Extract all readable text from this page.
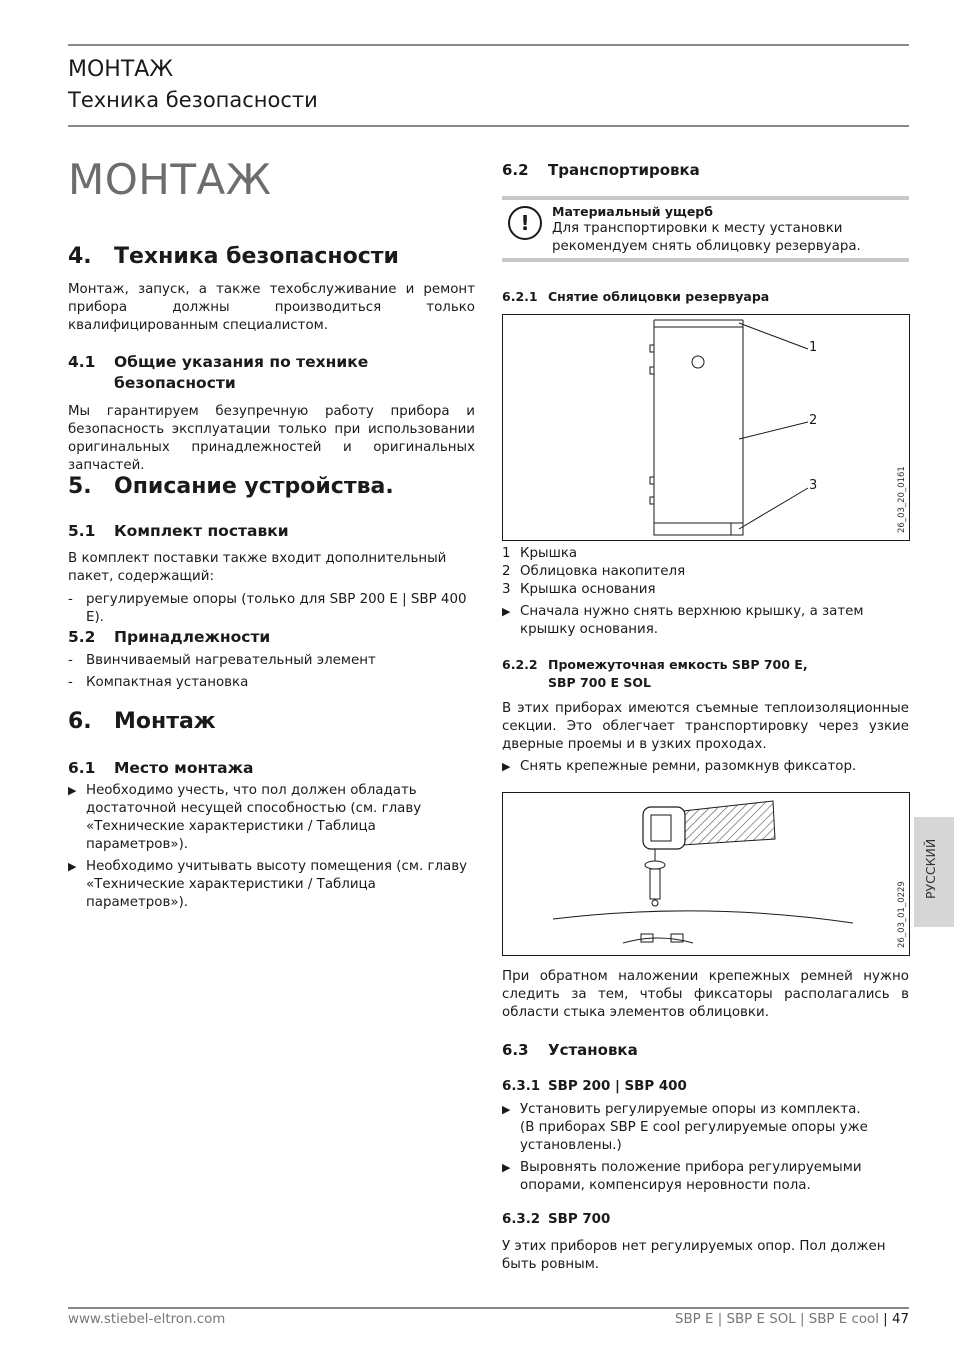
МОНТАЖ
Техника безопасности
МОНТАЖ
4.	Техника безопасности
Монтаж, запуск, а также техобслуживание и ремонт прибора должны производиться только квалифицированным специалистом.
4.1	Общие указания по технике безопасности
Мы гарантируем безупречную работу прибора и безопасность эксплуатации только при использовании оригинальных принадлежностей и оригинальных запчастей.
5.	Описание устройства.
5.1	Комплект поставки
В комплект поставки также входит дополнительный пакет, содержащий:
- регулируемые опоры (только для SBP 200 E | SBP 400 E).
5.2	Принадлежности
- Ввинчиваемый нагревательный элемент
- Компактная установка
6.	Монтаж
6.1	Место монтажа
▶ Необходимо учесть, что пол должен обладать достаточной несущей способностью (см. главу «Технические характеристики / Таблица параметров»).
▶ Необходимо учитывать высоту помещения (см. главу «Технические характеристики / Таблица параметров»).
6.2	Транспортировка
!	Материальный ущерб
Для транспортировки к месту установки рекомендуем снять облицовку резервуара.
6.2.1 Снятие облицовки резервуара
1
2
3	26_03_20_0161
1 Крышка
2 Облицовка накопителя
3 Крышка основания
▶ Сначала нужно снять верхнюю крышку, а затем крышку основания.
6.2.2 Промежуточная емкость SBP 700 E, SBP 700 E SOL
В этих приборах имеются съемные теплоизоляционные секции. Это облегчает транспортировку через узкие дверные проемы и в узких проходах.
▶ Снять крепежные ремни, разомкнув фиксатор.
26_03_01_0229
При обратном наложении крепежных ремней нужно следить за тем, чтобы фиксаторы располагались в области стыка элементов облицовки.
6.3	Установка
6.3.1 SBP 200 | SBP 400
▶ Установить регулируемые опоры из комплекта. (В приборах SBP E cool регулируемые опоры уже установлены.)
▶ Выровнять положение прибора регулируемыми опорами, компенсируя неровности пола.
6.3.2 SBP 700
У этих приборов нет регулируемых опор. Пол должен быть ровным.
РУССКИЙ
www.stiebel-eltron.com	SBP E | SBP E SOL | SBP E cool | 47
